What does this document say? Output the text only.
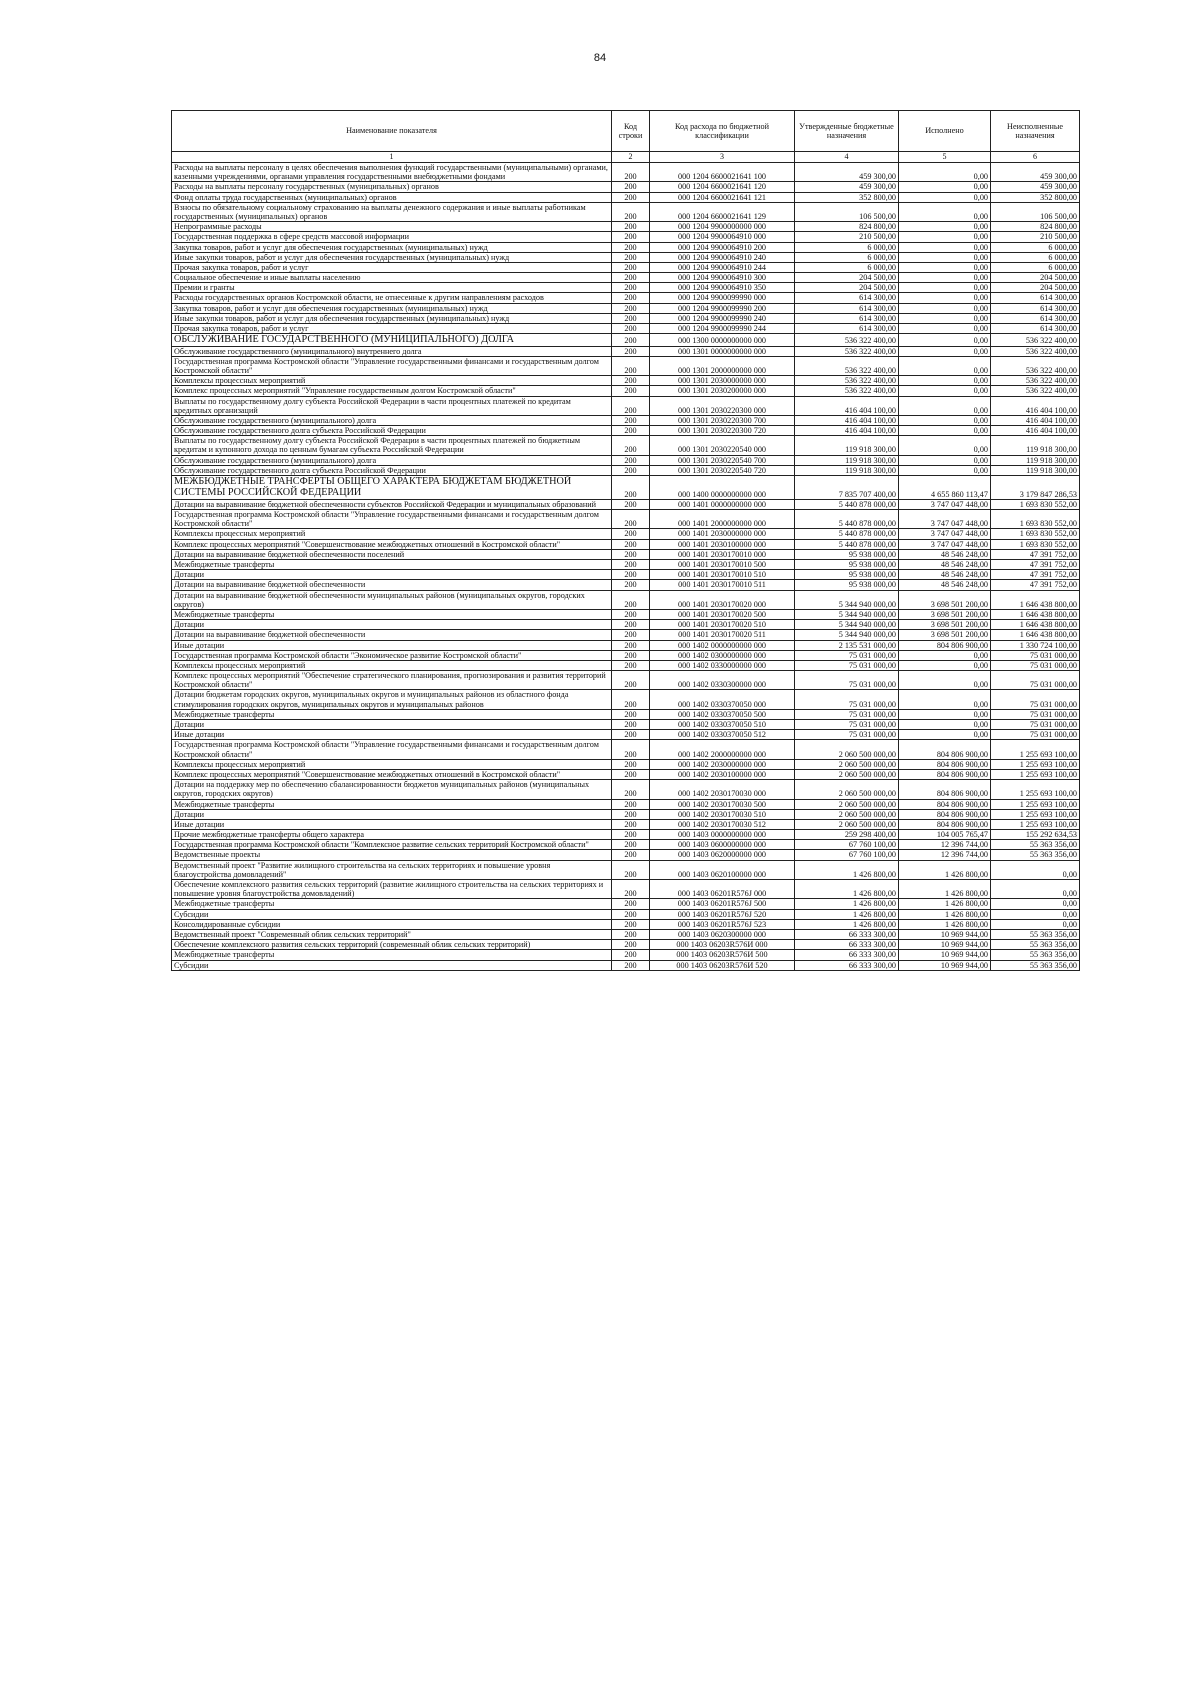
84
Наименование показателя	Код строки	Код расхода по бюджетной классификации	Утвержденные бюджетные назначения	Исполнено	Неисполненные назначения
1	2	3	4	5	6
Расходы на выплаты персоналу в целях обеспечения выполнения функций государственными (муниципальными) органами, казенными учреждениями, органами управления государственными внебюджетными фондами	200	000 1204 6600021641 100	459 300,00	0,00	459 300,00
Расходы на выплаты персоналу государственных (муниципальных) органов	200	000 1204 6600021641 120	459 300,00	0,00	459 300,00
Фонд оплаты труда государственных (муниципальных) органов	200	000 1204 6600021641 121	352 800,00	0,00	352 800,00
Взносы по обязательному социальному страхованию на выплаты денежного содержания и иные выплаты работникам государственных (муниципальных) органов	200	000 1204 6600021641 129	106 500,00	0,00	106 500,00
Непрограммные расходы	200	000 1204 9900000000 000	824 800,00	0,00	824 800,00
Государственная поддержка в сфере средств массовой информации	200	000 1204 9900064910 000	210 500,00	0,00	210 500,00
Закупка товаров, работ и услуг для обеспечения государственных (муниципальных) нужд	200	000 1204 9900064910 200	6 000,00	0,00	6 000,00
Иные закупки товаров, работ и услуг для обеспечения государственных (муниципальных) нужд	200	000 1204 9900064910 240	6 000,00	0,00	6 000,00
Прочая закупка товаров, работ и услуг	200	000 1204 9900064910 244	6 000,00	0,00	6 000,00
Социальное обеспечение и иные выплаты населению	200	000 1204 9900064910 300	204 500,00	0,00	204 500,00
Премии и гранты	200	000 1204 9900064910 350	204 500,00	0,00	204 500,00
Расходы государственных органов Костромской области, не отнесенные к другим направлениям расходов	200	000 1204 9900099990 000	614 300,00	0,00	614 300,00
Закупка товаров, работ и услуг для обеспечения государственных (муниципальных) нужд	200	000 1204 9900099990 200	614 300,00	0,00	614 300,00
Иные закупки товаров, работ и услуг для обеспечения государственных (муниципальных) нужд	200	000 1204 9900099990 240	614 300,00	0,00	614 300,00
Прочая закупка товаров, работ и услуг	200	000 1204 9900099990 244	614 300,00	0,00	614 300,00
ОБСЛУЖИВАНИЕ ГОСУДАРСТВЕННОГО (МУНИЦИПАЛЬНОГО) ДОЛГА	200	000 1300 0000000000 000	536 322 400,00	0,00	536 322 400,00
Обслуживание государственного (муниципального) внутреннего долга	200	000 1301 0000000000 000	536 322 400,00	0,00	536 322 400,00
Государственная программа Костромской области "Управление государственными финансами и государственным долгом Костромской области"	200	000 1301 2000000000 000	536 322 400,00	0,00	536 322 400,00
Комплексы процессных мероприятий	200	000 1301 2030000000 000	536 322 400,00	0,00	536 322 400,00
Комплекс процессных мероприятий "Управление государственным долгом Костромской области"	200	000 1301 2030200000 000	536 322 400,00	0,00	536 322 400,00
Выплаты по государственному долгу субъекта Российской Федерации в части процентных платежей по кредитам кредитных организаций	200	000 1301 2030220300 000	416 404 100,00	0,00	416 404 100,00
Обслуживание государственного (муниципального) долга	200	000 1301 2030220300 700	416 404 100,00	0,00	416 404 100,00
Обслуживание государственного долга субъекта Российской Федерации	200	000 1301 2030220300 720	416 404 100,00	0,00	416 404 100,00
Выплаты по государственному долгу субъекта Российской Федерации в части процентных платежей по бюджетным кредитам и купонного дохода по ценным бумагам субъекта Российской Федерации	200	000 1301 2030220540 000	119 918 300,00	0,00	119 918 300,00
Обслуживание государственного (муниципального) долга	200	000 1301 2030220540 700	119 918 300,00	0,00	119 918 300,00
Обслуживание государственного долга субъекта Российской Федерации	200	000 1301 2030220540 720	119 918 300,00	0,00	119 918 300,00
МЕЖБЮДЖЕТНЫЕ ТРАНСФЕРТЫ ОБЩЕГО ХАРАКТЕРА БЮДЖЕТАМ БЮДЖЕТНОЙ СИСТЕМЫ РОССИЙСКОЙ ФЕДЕРАЦИИ	200	000 1400 0000000000 000	7 835 707 400,00	4 655 860 113,47	3 179 847 286,53
Дотации на выравнивание бюджетной обеспеченности субъектов Российской Федерации и муниципальных образований	200	000 1401 0000000000 000	5 440 878 000,00	3 747 047 448,00	1 693 830 552,00
Государственная программа Костромской области "Управление государственными финансами и государственным долгом Костромской области"	200	000 1401 2000000000 000	5 440 878 000,00	3 747 047 448,00	1 693 830 552,00
Комплексы процессных мероприятий	200	000 1401 2030000000 000	5 440 878 000,00	3 747 047 448,00	1 693 830 552,00
Комплекс процессных мероприятий "Совершенствование межбюджетных отношений в Костромской области"	200	000 1401 2030100000 000	5 440 878 000,00	3 747 047 448,00	1 693 830 552,00
Дотации на выравнивание бюджетной обеспеченности поселений	200	000 1401 2030170010 000	95 938 000,00	48 546 248,00	47 391 752,00
Межбюджетные трансферты	200	000 1401 2030170010 500	95 938 000,00	48 546 248,00	47 391 752,00
Дотации	200	000 1401 2030170010 510	95 938 000,00	48 546 248,00	47 391 752,00
Дотации на выравнивание бюджетной обеспеченности	200	000 1401 2030170010 511	95 938 000,00	48 546 248,00	47 391 752,00
Дотации на выравнивание бюджетной обеспеченности муниципальных районов (муниципальных округов, городских округов)	200	000 1401 2030170020 000	5 344 940 000,00	3 698 501 200,00	1 646 438 800,00
Межбюджетные трансферты	200	000 1401 2030170020 500	5 344 940 000,00	3 698 501 200,00	1 646 438 800,00
Дотации	200	000 1401 2030170020 510	5 344 940 000,00	3 698 501 200,00	1 646 438 800,00
Дотации на выравнивание бюджетной обеспеченности	200	000 1401 2030170020 511	5 344 940 000,00	3 698 501 200,00	1 646 438 800,00
Иные дотации	200	000 1402 0000000000 000	2 135 531 000,00	804 806 900,00	1 330 724 100,00
Государственная программа Костромской области "Экономическое развитие Костромской области"	200	000 1402 0300000000 000	75 031 000,00	0,00	75 031 000,00
Комплексы процессных мероприятий	200	000 1402 0330000000 000	75 031 000,00	0,00	75 031 000,00
Комплекс процессных мероприятий "Обеспечение стратегического планирования, прогнозирования и развития территорий Костромской области"	200	000 1402 0330300000 000	75 031 000,00	0,00	75 031 000,00
Дотации бюджетам городских округов, муниципальных округов и муниципальных районов из областного фонда стимулирования городских округов, муниципальных округов и муниципальных районов	200	000 1402 0330370050 000	75 031 000,00	0,00	75 031 000,00
Межбюджетные трансферты	200	000 1402 0330370050 500	75 031 000,00	0,00	75 031 000,00
Дотации	200	000 1402 0330370050 510	75 031 000,00	0,00	75 031 000,00
Иные дотации	200	000 1402 0330370050 512	75 031 000,00	0,00	75 031 000,00
Государственная программа Костромской области "Управление государственными финансами и государственным долгом Костромской области"	200	000 1402 2000000000 000	2 060 500 000,00	804 806 900,00	1 255 693 100,00
Комплексы процессных мероприятий	200	000 1402 2030000000 000	2 060 500 000,00	804 806 900,00	1 255 693 100,00
Комплекс процессных мероприятий "Совершенствование межбюджетных отношений в Костромской области"	200	000 1402 2030100000 000	2 060 500 000,00	804 806 900,00	1 255 693 100,00
Дотации на поддержку мер по обеспечению сбалансированности бюджетов муниципальных районов (муниципальных округов, городских округов)	200	000 1402 2030170030 000	2 060 500 000,00	804 806 900,00	1 255 693 100,00
Межбюджетные трансферты	200	000 1402 2030170030 500	2 060 500 000,00	804 806 900,00	1 255 693 100,00
Дотации	200	000 1402 2030170030 510	2 060 500 000,00	804 806 900,00	1 255 693 100,00
Иные дотации	200	000 1402 2030170030 512	2 060 500 000,00	804 806 900,00	1 255 693 100,00
Прочие межбюджетные трансферты общего характера	200	000 1403 0000000000 000	259 298 400,00	104 005 765,47	155 292 634,53
Государственная программа Костромской области "Комплексное развитие сельских территорий Костромской области"	200	000 1403 0600000000 000	67 760 100,00	12 396 744,00	55 363 356,00
Ведомственные проекты	200	000 1403 0620000000 000	67 760 100,00	12 396 744,00	55 363 356,00
Ведомственный проект "Развитие жилищного строительства на сельских территориях и повышение уровня благоустройства домовладений"	200	000 1403 0620100000 000	1 426 800,00	1 426 800,00	0,00
Обеспечение комплексного развития сельских территорий (развитие жилищного строительства на сельских территориях и повышение уровня благоустройства домовладений)	200	000 1403 06201R576J 000	1 426 800,00	1 426 800,00	0,00
Межбюджетные трансферты	200	000 1403 06201R576J 500	1 426 800,00	1 426 800,00	0,00
Субсидии	200	000 1403 06201R576J 520	1 426 800,00	1 426 800,00	0,00
Консолидированные субсидии	200	000 1403 06201R576J 523	1 426 800,00	1 426 800,00	0,00
Ведомственный проект "Современный облик сельских территорий"	200	000 1403 0620300000 000	66 333 300,00	10 969 944,00	55 363 356,00
Обеспечение комплексного развития сельских территорий (современный облик сельских территорий)	200	000 1403 06203R576И 000	66 333 300,00	10 969 944,00	55 363 356,00
Межбюджетные трансферты	200	000 1403 06203R576И 500	66 333 300,00	10 969 944,00	55 363 356,00
Субсидии	200	000 1403 06203R576И 520	66 333 300,00	10 969 944,00	55 363 356,00
